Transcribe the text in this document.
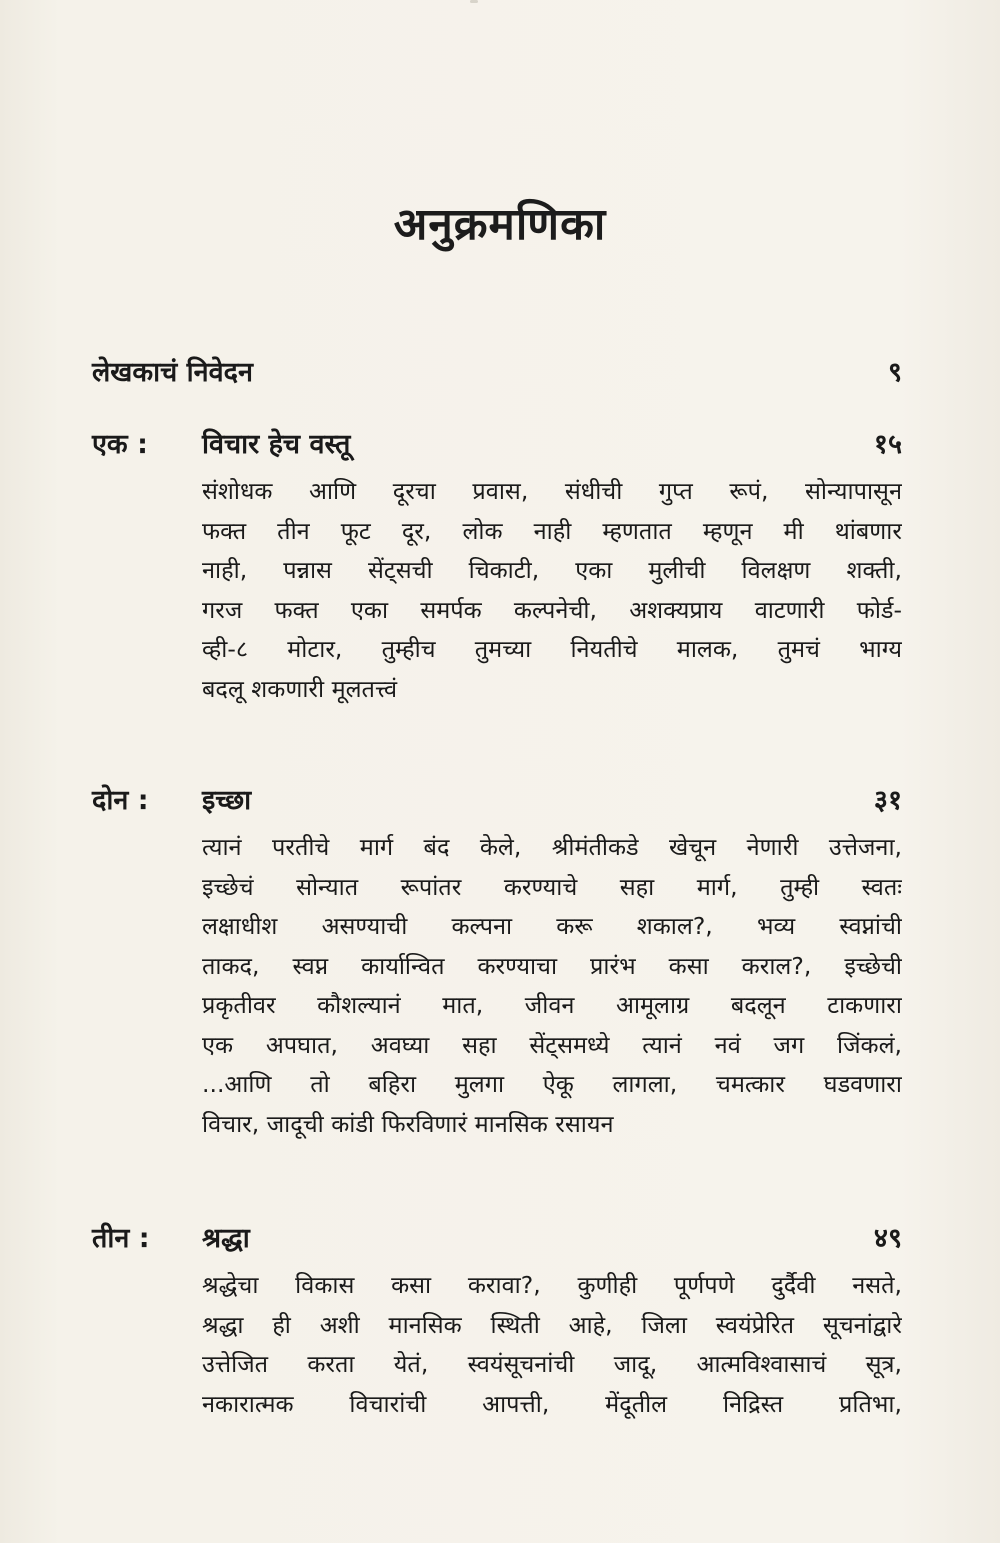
अनुक्रमणिका
लेखकाचं निवेदन	९
एक : विचार हेच वस्तू	१५
संशोधक आणि दूरचा प्रवास, संधीची गुप्त रूपं, सोन्यापासून
फक्त तीन फूट दूर, लोक नाही म्हणतात म्हणून मी थांबणार
नाही, पन्नास सेंट्सची चिकाटी, एका मुलीची विलक्षण शक्ती,
गरज फक्त एका समर्पक कल्पनेची, अशक्यप्राय वाटणारी फोर्ड-
व्ही-८ मोटार, तुम्हीच तुमच्या नियतीचे मालक, तुमचं भाग्य
बदलू शकणारी मूलतत्त्वं
दोन : इच्छा	३१
त्यानं परतीचे मार्ग बंद केले, श्रीमंतीकडे खेचून नेणारी उत्तेजना,
इच्छेचं सोन्यात रूपांतर करण्याचे सहा मार्ग, तुम्ही स्वतः
लक्षाधीश असण्याची कल्पना करू शकाल?, भव्य स्वप्नांची
ताकद, स्वप्न कार्यान्वित करण्याचा प्रारंभ कसा कराल?, इच्छेची
प्रकृतीवर कौशल्यानं मात, जीवन आमूलाग्र बदलून टाकणारा
एक अपघात, अवघ्या सहा सेंट्समध्ये त्यानं नवं जग जिंकलं,
...आणि तो बहिरा मुलगा ऐकू लागला, चमत्कार घडवणारा
विचार, जादूची कांडी फिरविणारं मानसिक रसायन
तीन : श्रद्धा	४९
श्रद्धेचा विकास कसा करावा?, कुणीही पूर्णपणे दुर्दैवी नसते,
श्रद्धा ही अशी मानसिक स्थिती आहे, जिला स्वयंप्रेरित सूचनांद्वारे
उत्तेजित करता येतं, स्वयंसूचनांची जादू, आत्मविश्वासाचं सूत्र,
नकारात्मक विचारांची आपत्ती, मेंदूतील निद्रिस्त प्रतिभा,
